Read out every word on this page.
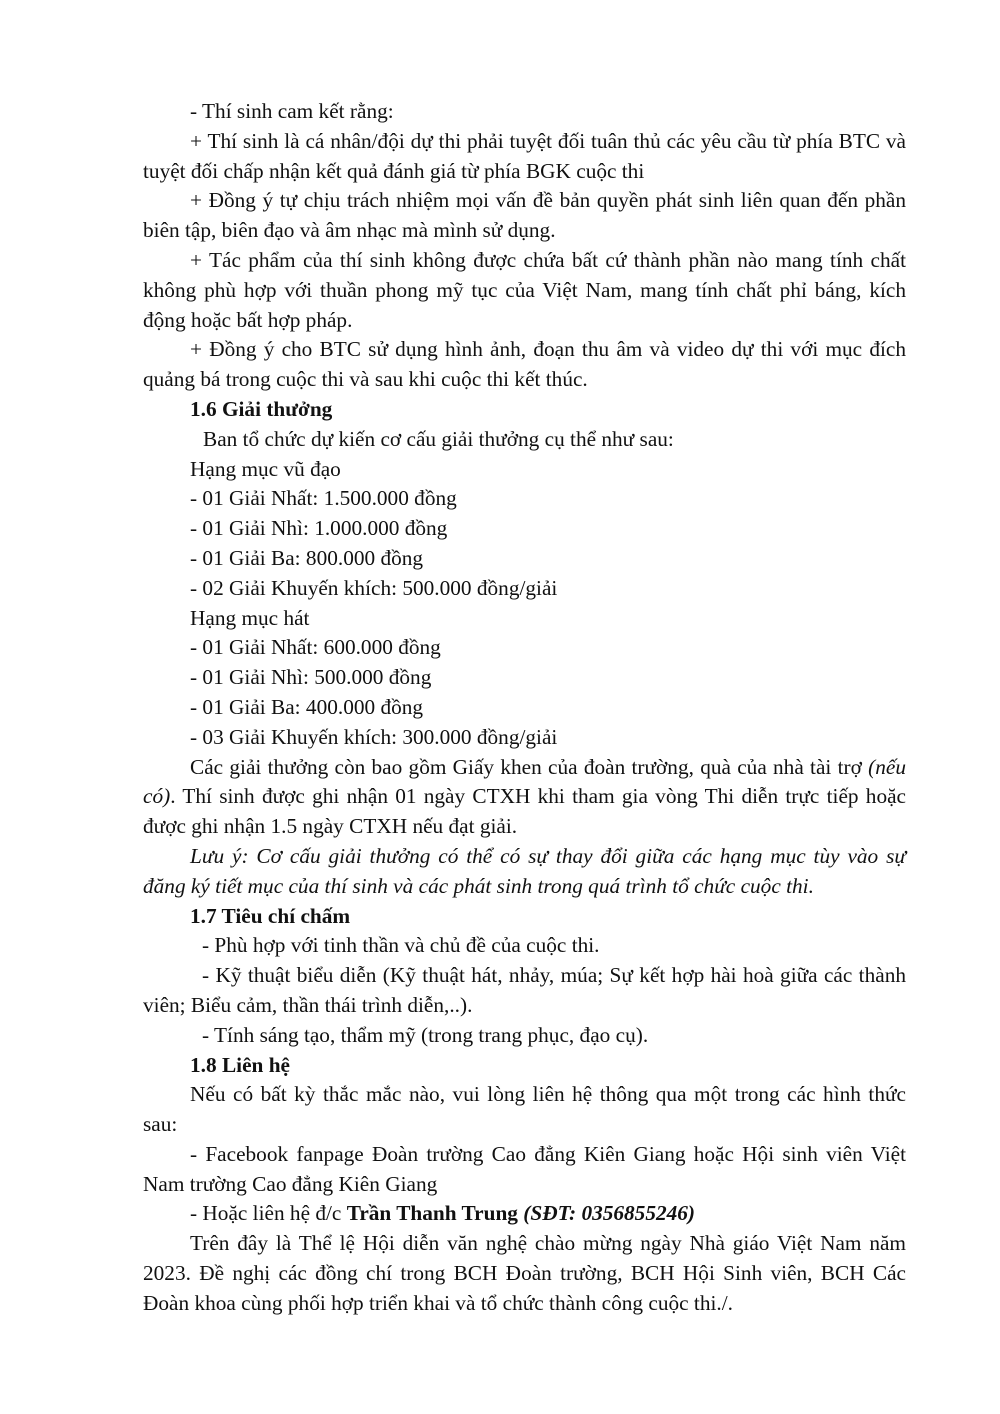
- Thí sinh cam kết rằng:

+ Thí sinh là cá nhân/đội dự thi phải tuyệt đối tuân thủ các yêu cầu từ phía BTC và tuyệt đối chấp nhận kết quả đánh giá từ phía BGK cuộc thi

+ Đồng ý tự chịu trách nhiệm mọi vấn đề bản quyền phát sinh liên quan đến phần biên tập, biên đạo và âm nhạc mà mình sử dụng.

+ Tác phẩm của thí sinh không được chứa bất cứ thành phần nào mang tính chất không phù hợp với thuần phong mỹ tục của Việt Nam, mang tính chất phỉ báng, kích động hoặc bất hợp pháp.

+ Đồng ý cho BTC sử dụng hình ảnh, đoạn thu âm và video dự thi với mục đích quảng bá trong cuộc thi và sau khi cuộc thi kết thúc.

1.6 Giải thưởng

Ban tổ chức dự kiến cơ cấu giải thưởng cụ thể như sau:

Hạng mục vũ đạo

- 01 Giải Nhất: 1.500.000 đồng

- 01 Giải Nhì: 1.000.000 đồng

- 01 Giải Ba: 800.000 đồng

- 02 Giải Khuyến khích: 500.000 đồng/giải

Hạng mục hát

- 01 Giải Nhất: 600.000 đồng

- 01 Giải Nhì: 500.000 đồng

- 01 Giải Ba: 400.000 đồng

- 03 Giải Khuyến khích: 300.000 đồng/giải

Các giải thưởng còn bao gồm Giấy khen của đoàn trường, quà của nhà tài trợ (nếu có). Thí sinh được ghi nhận 01 ngày CTXH khi tham gia vòng Thi diễn trực tiếp hoặc được ghi nhận 1.5 ngày CTXH nếu đạt giải.

Lưu ý: Cơ cấu giải thưởng có thể có sự thay đổi giữa các hạng mục tùy vào sự đăng ký tiết mục của thí sinh và các phát sinh trong quá trình tổ chức cuộc thi.

1.7 Tiêu chí chấm

- Phù hợp với tinh thần và chủ đề của cuộc thi.

- Kỹ thuật biểu diễn (Kỹ thuật hát, nhảy, múa; Sự kết hợp hài hoà giữa các thành viên; Biểu cảm, thần thái trình diễn,..).

- Tính sáng tạo, thẩm mỹ (trong trang phục, đạo cụ).

1.8 Liên hệ

Nếu có bất kỳ thắc mắc nào, vui lòng liên hệ thông qua một trong các hình thức sau:

- Facebook fanpage Đoàn trường Cao đẳng Kiên Giang hoặc Hội sinh viên Việt Nam trường Cao đẳng Kiên Giang

- Hoặc liên hệ đ/c Trần Thanh Trung (SĐT: 0356855246)

Trên đây là Thể lệ Hội diễn văn nghệ chào mừng ngày Nhà giáo Việt Nam năm 2023. Đề nghị các đồng chí trong BCH Đoàn trường, BCH Hội Sinh viên, BCH Các Đoàn khoa cùng phối hợp triển khai và tổ chức thành công cuộc thi./.
